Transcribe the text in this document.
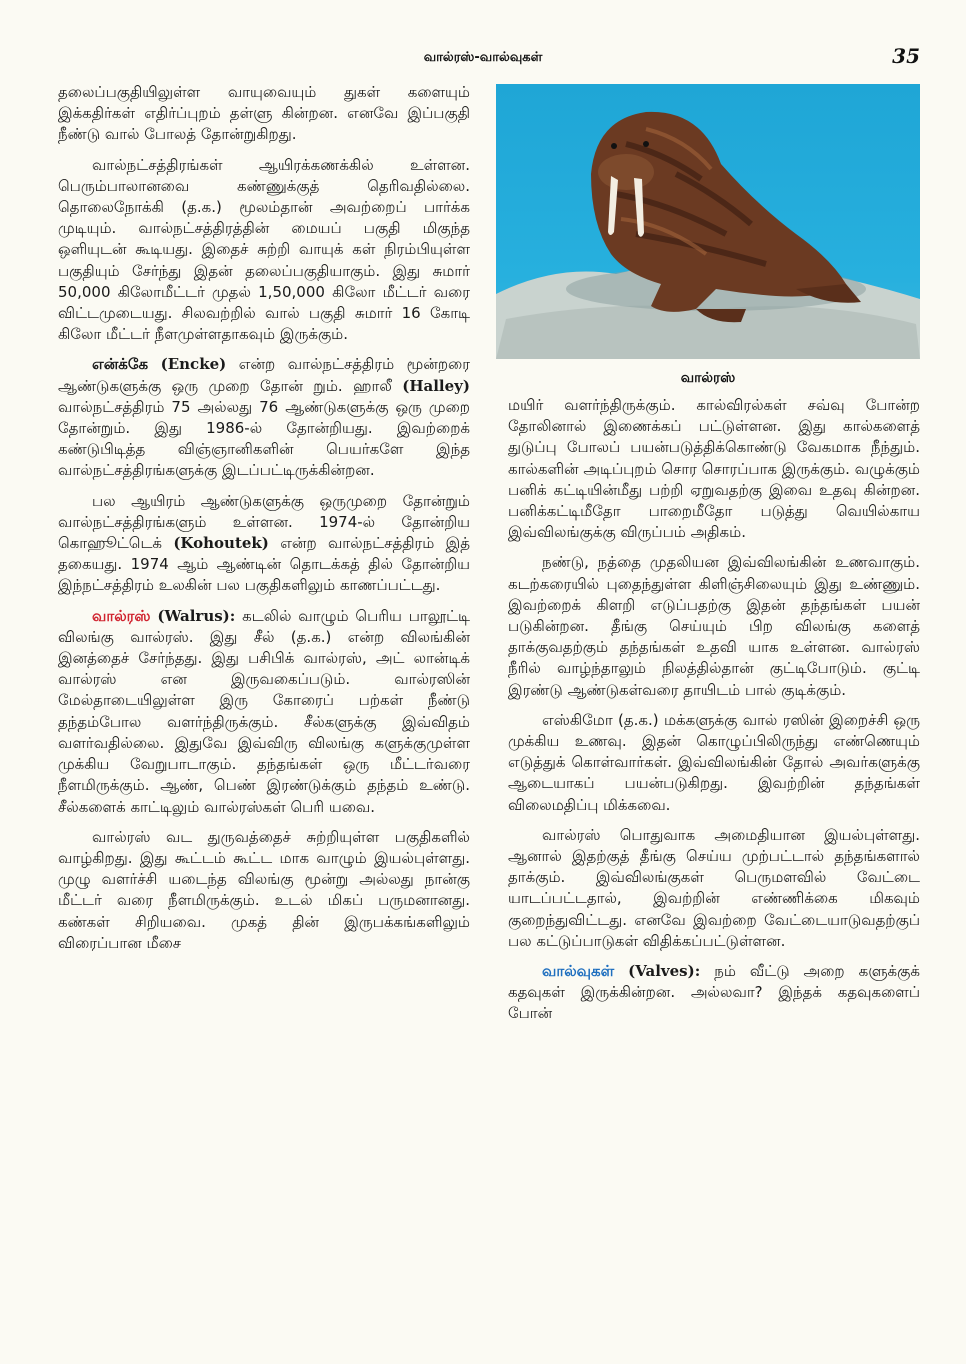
வால்ரஸ்-வால்வுகள்	35

தலைப்பகுதியிலுள்ள வாயுவையும் துகள் களையும் இக்கதிர்கள் எதிர்ப்புறம் தள்ளு கின்றன. எனவே இப்பகுதி நீண்டு வால் போலத் தோன்றுகிறது.

வால்நட்சத்திரங்கள் ஆயிரக்கணக்கில் உள்ளன. பெரும்பாலானவை கண்ணுக்குத் தெரிவதில்லை. தொலைநோக்கி (த.க.) மூலம்தான் அவற்றைப் பார்க்க முடியும். வால்நட்சத்திரத்தின் மையப் பகுதி மிகுந்த ஒளியுடன் கூடியது. இதைச் சுற்றி வாயுக் கள் நிரம்பியுள்ள பகுதியும் சேர்ந்து இதன் தலைப்பகுதியாகும். இது சுமார் 50,000 கிலோமீட்டர் முதல் 1,50,000 கிலோ மீட்டர் வரை விட்டமுடையது. சிலவற்றில் வால் பகுதி சுமார் 16 கோடி கிலோ மீட்டர் நீளமுள்ளதாகவும் இருக்கும்.

என்க்கே (Encke) என்ற வால்நட்சத்திரம் மூன்றரை ஆண்டுகளுக்கு ஒரு முறை தோன் றும். ஹாலீ (Halley) வால்நட்சத்திரம் 75 அல்லது 76 ஆண்டுகளுக்கு ஒரு முறை தோன்றும். இது 1986-ல் தோன்றியது. இவற்றைக் கண்டுபிடித்த விஞ்ஞானிகளின் பெயர்களே இந்த வால்நட்சத்திரங்களுக்கு இடப்பட்டிருக்கின்றன.

பல ஆயிரம் ஆண்டுகளுக்கு ஒருமுறை தோன்றும் வால்நட்சத்திரங்களும் உள்ளன. 1974-ல் தோன்றிய கொஹூட்டெக் (Kohoutek) என்ற வால்நட்சத்திரம் இத் தகையது. 1974 ஆம் ஆண்டின் தொடக்கத் தில் தோன்றிய இந்நட்சத்திரம் உலகின் பல பகுதிகளிலும் காணப்பட்டது.

வால்ரஸ் (Walrus): கடலில் வாழும் பெரிய பாலூட்டி விலங்கு வால்ரஸ். இது சீல் (த.க.) என்ற விலங்கின் இனத்தைச் சேர்ந்தது. இது பசிபிக் வால்ரஸ், அட் லான்டிக் வால்ரஸ் என இருவகைப்படும். வால்ரஸின் மேல்தாடையிலுள்ள இரு கோரைப் பற்கள் நீண்டு தந்தம்போல வளர்ந்திருக்கும். சீல்களுக்கு இவ்விதம் வளர்வதில்லை. இதுவே இவ்விரு விலங்கு களுக்குமுள்ள முக்கிய வேறுபாடாகும். தந்தங்கள் ஒரு மீட்டர்வரை நீளமிருக்கும். ஆண், பெண் இரண்டுக்கும் தந்தம் உண்டு. சீல்களைக் காட்டிலும் வால்ரஸ்கள் பெரி யவை.

வால்ரஸ் வட துருவத்தைச் சுற்றியுள்ள பகுதிகளில் வாழ்கிறது. இது கூட்டம் கூட்ட மாக வாழும் இயல்புள்ளது. முழு வளர்ச்சி யடைந்த விலங்கு மூன்று அல்லது நான்கு மீட்டர் வரை நீளமிருக்கும். உடல் மிகப் பருமனானது. கண்கள் சிறியவை. முகத் தின் இருபக்கங்களிலும் விரைப்பான மீசை

வால்ரஸ்

மயிர் வளர்ந்திருக்கும். கால்விரல்கள் சவ்வு போன்ற தோலினால் இணைக்கப் பட்டுள்ளன. இது கால்களைத் துடுப்பு போலப் பயன்படுத்திக்கொண்டு வேகமாக நீந்தும். கால்களின் அடிப்புறம் சொர சொரப்பாக இருக்கும். வழுக்கும் பனிக் கட்டியின்மீது பற்றி ஏறுவதற்கு இவை உதவு கின்றன. பனிக்கட்டிமீதோ பாறைமீதோ படுத்து வெயில்காய இவ்விலங்குக்கு விருப்பம் அதிகம்.

நண்டு, நத்தை முதலியன இவ்விலங்கின் உணவாகும். கடற்கரையில் புதைந்துள்ள கிளிஞ்சிலையும் இது உண்ணும். இவற்றைக் கிளறி எடுப்பதற்கு இதன் தந்தங்கள் பயன் படுகின்றன. தீங்கு செய்யும் பிற விலங்கு களைத் தாக்குவதற்கும் தந்தங்கள் உதவி யாக உள்ளன. வால்ரஸ் நீரில் வாழ்ந்தாலும் நிலத்தில்தான் குட்டிபோடும். குட்டி இரண்டு ஆண்டுகள்வரை தாயிடம் பால் குடிக்கும்.

எஸ்கிமோ (த.க.) மக்களுக்கு வால் ரஸின் இறைச்சி ஒரு முக்கிய உணவு. இதன் கொழுப்பிலிருந்து எண்ணெயும் எடுத்துக் கொள்வார்கள். இவ்விலங்கின் தோல் அவர்களுக்கு ஆடையாகப் பயன்படுகிறது. இவற்றின் தந்தங்கள் விலைமதிப்பு மிக்கவை.

வால்ரஸ் பொதுவாக அமைதியான இயல்புள்ளது. ஆனால் இதற்குத் தீங்கு செய்ய முற்பட்டால் தந்தங்களால் தாக்கும். இவ்விலங்குகள் பெருமளவில் வேட்டை யாடப்பட்டதால், இவற்றின் எண்ணிக்கை மிகவும் குறைந்துவிட்டது. எனவே இவற்றை வேட்டையாடுவதற்குப் பல கட்டுப்பாடுகள் விதிக்கப்பட்டுள்ளன.

வால்வுகள் (Valves): நம் வீட்டு அறை களுக்குக் கதவுகள் இருக்கின்றன. அல்லவா? இந்தக் கதவுகளைப் போன்
